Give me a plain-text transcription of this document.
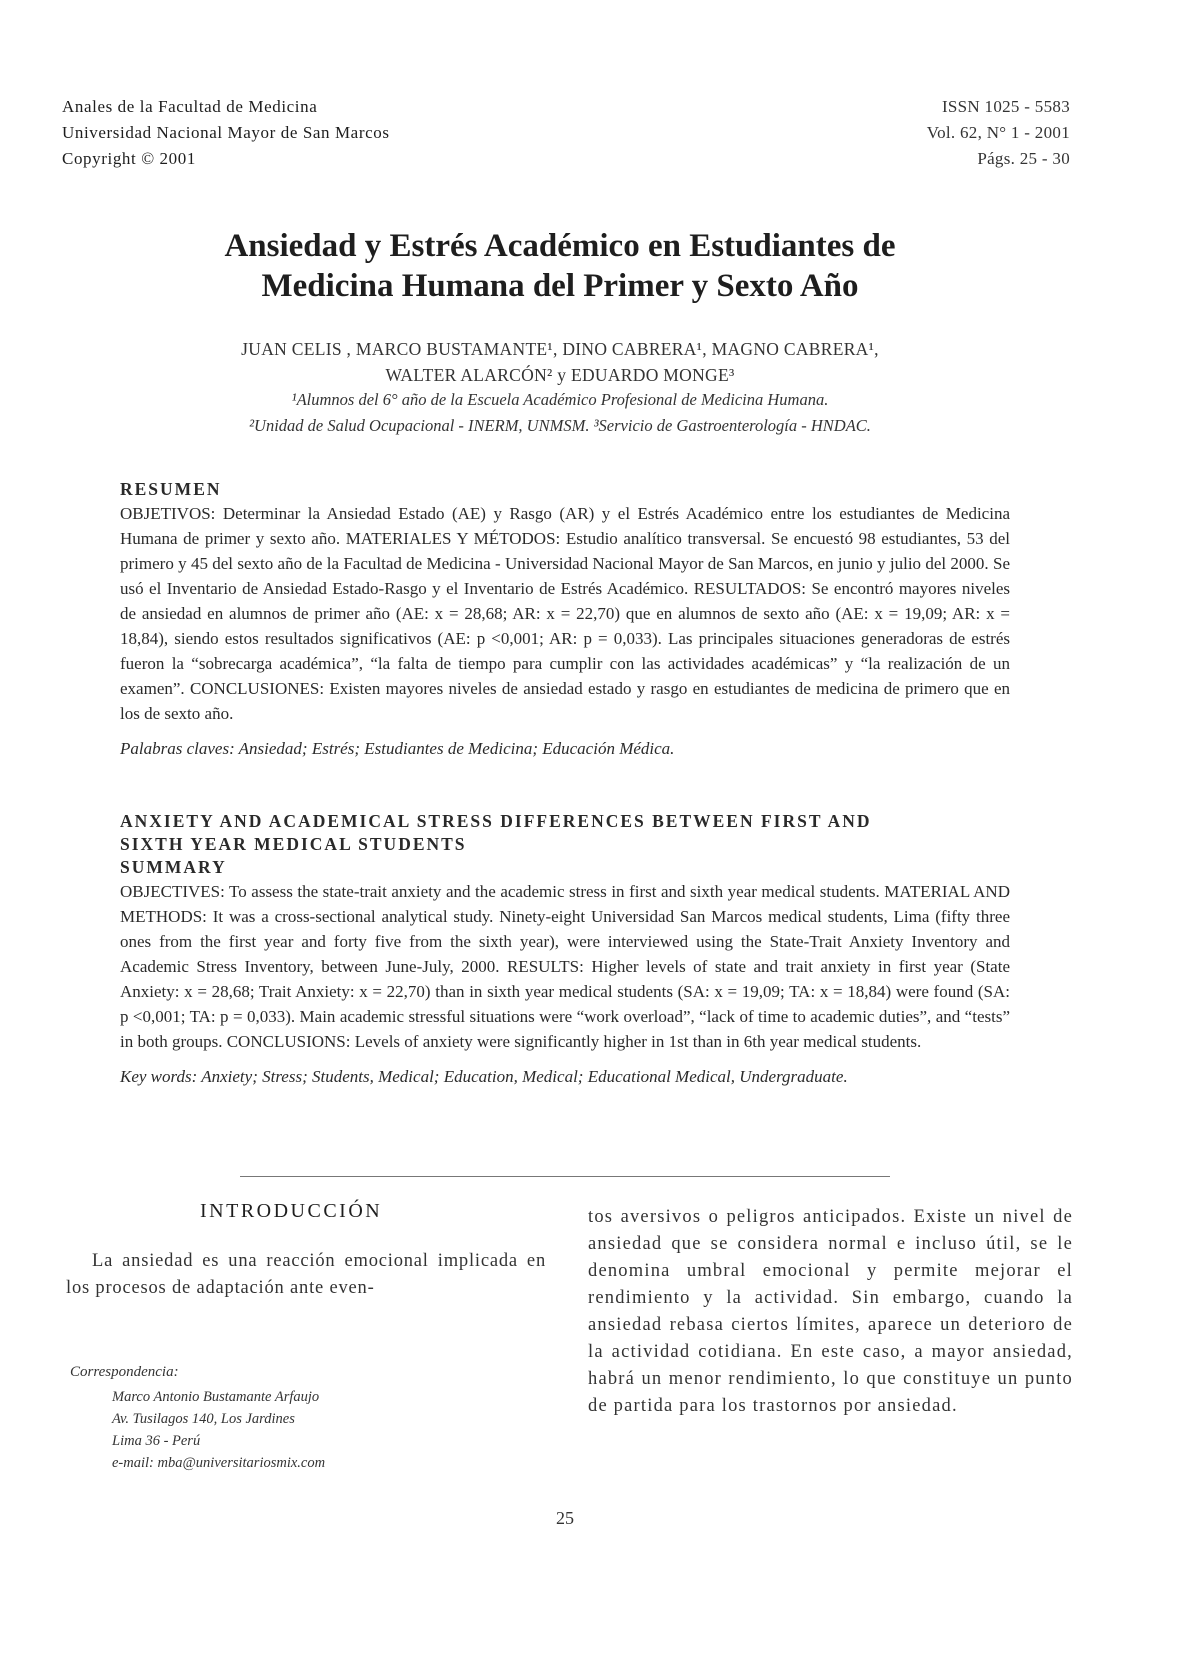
Anales de la Facultad de Medicina
Universidad Nacional Mayor de San Marcos
Copyright © 2001
ISSN 1025 - 5583
Vol. 62, N° 1 - 2001
Págs. 25 - 30
Ansiedad y Estrés Académico en Estudiantes de
Medicina Humana del Primer y Sexto Año
JUAN CELIS , MARCO BUSTAMANTE¹, DINO CABRERA¹, MAGNO CABRERA¹,
WALTER ALARCÓN² y EDUARDO MONGE³
¹Alumnos del 6° año de la Escuela Académico Profesional de Medicina Humana.
²Unidad de Salud Ocupacional - INERM, UNMSM. ³Servicio de Gastroenterología - HNDAC.
RESUMEN

OBJETIVOS: Determinar la Ansiedad Estado (AE) y Rasgo (AR) y el Estrés Académico entre los estudiantes de Medicina Humana de primer y sexto año. MATERIALES Y MÉTODOS: Estudio analítico transversal. Se encuestó 98 estudiantes, 53 del primero y 45 del sexto año de la Facultad de Medicina - Universidad Nacional Mayor de San Marcos, en junio y julio del 2000. Se usó el Inventario de Ansiedad Estado-Rasgo y el Inventario de Estrés Académico. RESULTADOS: Se encontró mayores niveles de ansiedad en alumnos de primer año (AE: x = 28,68; AR: x = 22,70) que en alumnos de sexto año (AE: x = 19,09; AR: x = 18,84), siendo estos resultados significativos (AE: p <0,001; AR: p = 0,033). Las principales situaciones generadoras de estrés fueron la “sobrecarga académica”, “la falta de tiempo para cumplir con las actividades académicas” y “la realización de un examen”. CONCLUSIONES: Existen mayores niveles de ansiedad estado y rasgo en estudiantes de medicina de primero que en los de sexto año.

Palabras claves: Ansiedad; Estrés; Estudiantes de Medicina; Educación Médica.

ANXIETY AND ACADEMICAL STRESS DIFFERENCES BETWEEN FIRST AND
SIXTH YEAR MEDICAL STUDENTS
SUMMARY

OBJECTIVES: To assess the state-trait anxiety and the academic stress in first and sixth year medical students. MATERIAL AND METHODS: It was a cross-sectional analytical study. Ninety-eight Universidad San Marcos medical students, Lima (fifty three ones from the first year and forty five from the sixth year), were interviewed using the State-Trait Anxiety Inventory and Academic Stress Inventory, between June-July, 2000. RESULTS: Higher levels of state and trait anxiety in first year (State Anxiety: x = 28,68; Trait Anxiety: x = 22,70) than in sixth year medical students (SA: x = 19,09; TA: x = 18,84) were found (SA: p <0,001; TA: p = 0,033). Main academic stressful situations were “work overload”, “lack of time to academic duties”, and “tests” in both groups. CONCLUSIONS: Levels of anxiety were significantly higher in 1st than in 6th year medical students.

Key words: Anxiety; Stress; Students, Medical; Education, Medical; Educational Medical, Undergraduate.

INTRODUCCIÓN
La ansiedad es una reacción emocional implicada en los procesos de adaptación ante even-
tos aversivos o peligros anticipados. Existe un nivel de ansiedad que se considera normal e incluso útil, se le denomina umbral emocional y permite mejorar el rendimiento y la actividad. Sin embargo, cuando la ansiedad rebasa ciertos límites, aparece un deterioro de la actividad cotidiana. En este caso, a mayor ansiedad, habrá un menor rendimiento, lo que constituye un punto de partida para los trastornos por ansiedad.
Correspondencia:
Marco Antonio Bustamante Arfaujo
Av. Tusilagos 140, Los Jardines
Lima 36 - Perú
e-mail: mba@universitariosmix.com
25
